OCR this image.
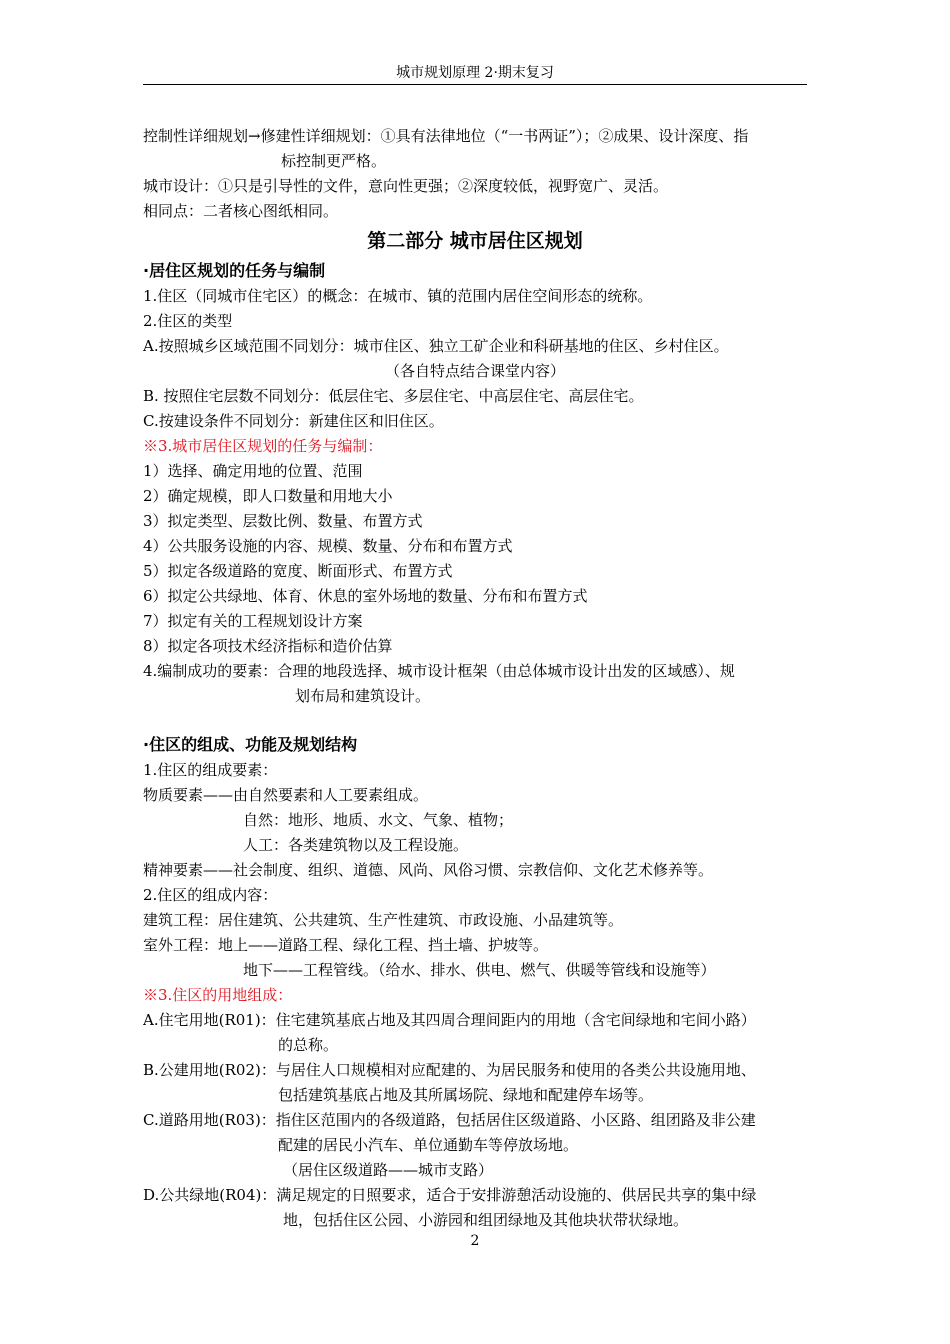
城市规划原理 2·期末复习
控制性详细规划→修建性详细规划：①具有法律地位（“一书两证”）；②成果、设计深度、指
标控制更严格。
城市设计：①只是引导性的文件，意向性更强；②深度较低，视野宽广、灵活。
相同点：二者核心图纸相同。
第二部分 城市居住区规划
·居住区规划的任务与编制
1.住区（同城市住宅区）的概念：在城市、镇的范围内居住空间形态的统称。
2.住区的类型
A.按照城乡区域范围不同划分：城市住区、独立工矿企业和科研基地的住区、乡村住区。
（各自特点结合课堂内容）
B. 按照住宅层数不同划分：低层住宅、多层住宅、中高层住宅、高层住宅。
C.按建设条件不同划分：新建住区和旧住区。
※3.城市居住区规划的任务与编制：
1）选择、确定用地的位置、范围
2）确定规模，即人口数量和用地大小
3）拟定类型、层数比例、数量、布置方式
4）公共服务设施的内容、规模、数量、分布和布置方式
5）拟定各级道路的宽度、断面形式、布置方式
6）拟定公共绿地、体育、休息的室外场地的数量、分布和布置方式
7）拟定有关的工程规划设计方案
8）拟定各项技术经济指标和造价估算
4.编制成功的要素：合理的地段选择、城市设计框架（由总体城市设计出发的区域感）、规
划布局和建筑设计。
·住区的组成、功能及规划结构
1.住区的组成要素：
物质要素——由自然要素和人工要素组成。
自然：地形、地质、水文、气象、植物；
人工：各类建筑物以及工程设施。
精神要素——社会制度、组织、道德、风尚、风俗习惯、宗教信仰、文化艺术修养等。
2.住区的组成内容：
建筑工程：居住建筑、公共建筑、生产性建筑、市政设施、小品建筑等。
室外工程：地上——道路工程、绿化工程、挡土墙、护坡等。
地下——工程管线。（给水、排水、供电、燃气、供暖等管线和设施等）
※3.住区的用地组成：
A.住宅用地(R01)：住宅建筑基底占地及其四周合理间距内的用地（含宅间绿地和宅间小路）
的总称。
B.公建用地(R02)：与居住人口规模相对应配建的、为居民服务和使用的各类公共设施用地、
包括建筑基底占地及其所属场院、绿地和配建停车场等。
C.道路用地(R03)：指住区范围内的各级道路，包括居住区级道路、小区路、组团路及非公建
配建的居民小汽车、单位通勤车等停放场地。
（居住区级道路——城市支路）
D.公共绿地(R04)：满足规定的日照要求，适合于安排游憩活动设施的、供居民共享的集中绿
地，包括住区公园、小游园和组团绿地及其他块状带状绿地。
2
